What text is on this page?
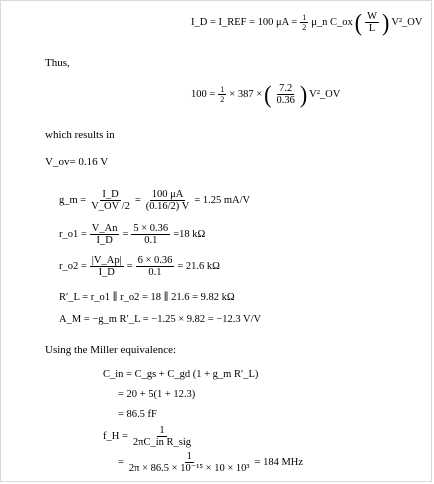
I_D = I_REF = 100 $\mu A = \frac{1}{2}$ μ_n C_ox ( $\frac{W}{L}$ ) V²_OV
Thus,
$100 = \frac{1}{2} \times 387$ × ( $\frac{7.2}{0.36}$ ) V²_OV
which results in
V_ov= 0.16 V
g_m = $\frac{I\_D}{V\_OV /2} = \frac{100 \mu A}{(0.16/2) V} = 1.25$ mA/V
r_o1 = $\frac{V\_An}{I\_D} = \frac{5 \times 0.36}{0.1} =18$ kΩ
r_o2 = $\frac{|V\_Ap|}{I\_D} = \frac{6 \times 0.36}{0.1} = 21.6$ kΩ
R′_L = r_o1 ∥ r_o2 = 18 ∥ 21.6 = 9.82 kΩ
A_M = −g_m R′_L = −1.25 × 9.82 = −12.3 V/V
Using the Miller equivalence:
C_in = C_gs + C_gd (1 + g_m R′_L)
= 20 + 5(1 + 12.3)
= 86.5 fF
f_H = $\frac{1}{\text{2πC\_in R\_sig}}$
= $\frac{1}{\text{2π × 86.5 × 10⁻¹⁵ × 10 × 10³}} = 184$ MHz
